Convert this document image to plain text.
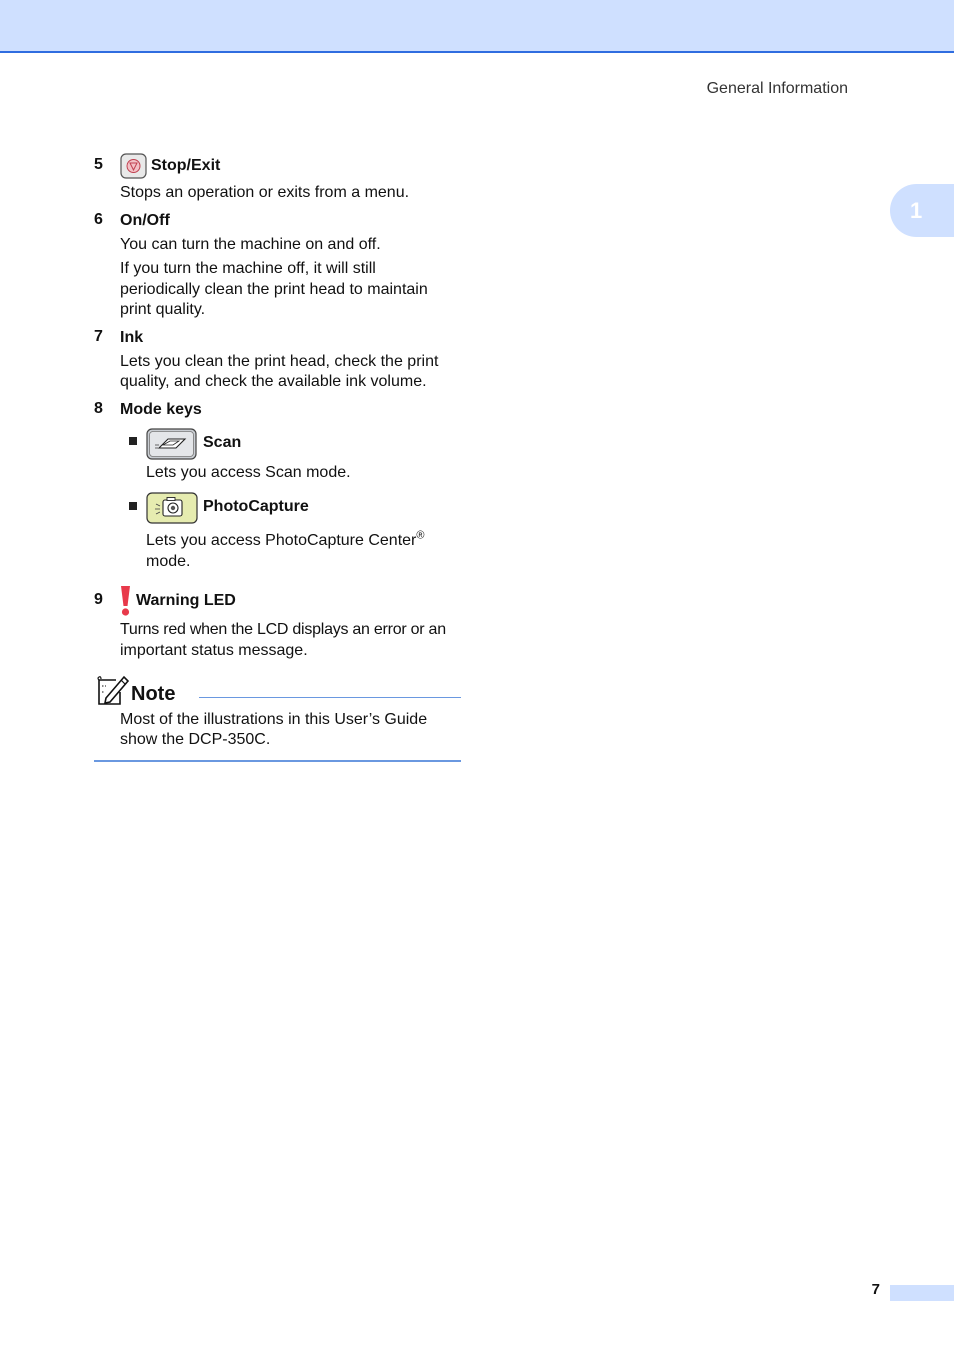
General Information
1
5	Stop/Exit
Stops an operation or exits from a menu.
6 On/Off
You can turn the machine on and off.
If you turn the machine off, it will still
periodically clean the print head to maintain
print quality.
7 Ink
Lets you clean the print head, check the print
quality, and check the available ink volume.
8 Mode keys
Scan
Lets you access Scan mode.
PhotoCapture
Lets you access PhotoCapture Center®
mode.
9 Warning LED
Turns red when the LCD displays an error or an
important status message.
Note
Most of the illustrations in this User’s Guide
show the DCP-350C.
7
